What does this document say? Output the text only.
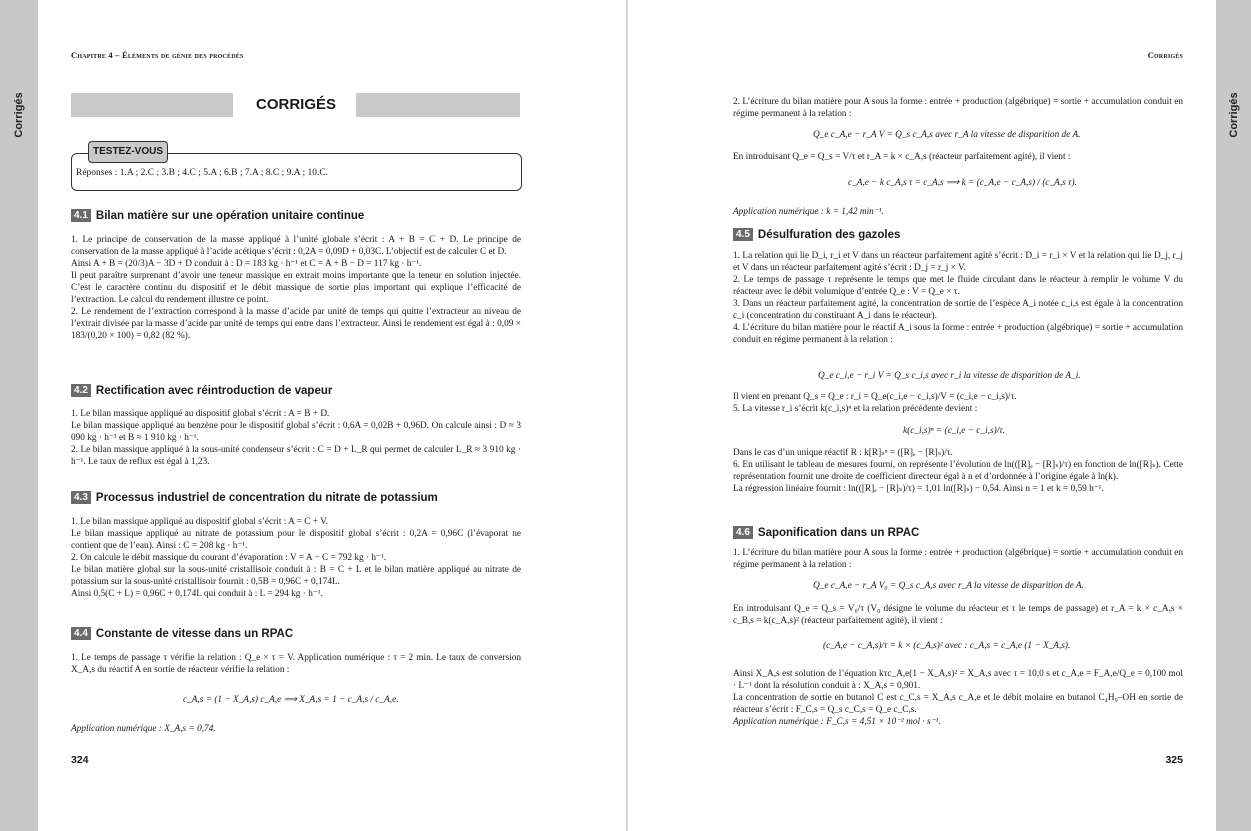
Corrigés	Corrigés
Chapitre 4 – Éléments de génie des procédés
CORRIGÉS
TESTEZ-VOUS
Réponses : 1.A ; 2.C ; 3.B ; 4.C ; 5.A ; 6.B ; 7.A ; 8.C ; 9.A ; 10.C.
4.1 Bilan matière sur une opération unitaire continue

1. Le principe de conservation de la masse appliqué à l’unité globale s’écrit : A + B = C + D. Le principe de conservation de la masse appliqué à l’acide acétique s’écrit : 0,2A = 0,09D + 0,03C. L’objectif est de calculer C et D.

Ainsi A + B = (20/3)A − 3D + D conduit à : D = 183 kg · h⁻¹ et C = A + B − D = 117 kg · h⁻¹.

Il peut paraître surprenant d’avoir une teneur massique en extrait moins importante que la teneur en solution injectée. C’est le caractère continu du dispositif et le débit massique de sortie plus important qui explique l’efficacité de l’extraction. Le calcul du rendement illustre ce point.

2. Le rendement de l’extraction correspond à la masse d’acide par unité de temps qui quitte l’extracteur au niveau de l’extrait divisée par la masse d’acide par unité de temps qui entre dans l’extracteur. Ainsi le rendement est égal à : 0,09 × 183/(0,20 × 100) = 0,82 (82 %).

4.2 Rectification avec réintroduction de vapeur

1. Le bilan massique appliqué au dispositif global s’écrit : A = B + D.

Le bilan massique appliqué au benzène pour le dispositif global s’écrit : 0,6A = 0,02B + 0,96D. On calcule ainsi : D ≈ 3 090 kg · h⁻¹ et B ≈ 1 910 kg · h⁻¹.

2. Le bilan massique appliqué à la sous-unité condenseur s’écrit : C = D + L_R qui permet de calculer L_R ≈ 3 910 kg · h⁻¹. Le taux de reflux est égal à 1,23.

4.3 Processus industriel de concentration du nitrate de potassium

1. Le bilan massique appliqué au dispositif global s’écrit : A = C + V.

Le bilan massique appliqué au nitrate de potassium pour le dispositif global s’écrit : 0,2A = 0,96C (l’évaporat ne contient que de l’eau). Ainsi : C = 208 kg · h⁻¹.

2. On calcule le débit massique du courant d’évaporation : V = A − C = 792 kg · h⁻¹.

Le bilan matière global sur la sous-unité cristallisoir conduit à : B = C + L et le bilan matière appliqué au nitrate de potassium sur la sous-unité cristallisoir fournit : 0,5B = 0,96C + 0,174L.

Ainsi 0,5(C + L) = 0,96C + 0,174L qui conduit à : L = 294 kg · h⁻¹.

4.4 Constante de vitesse dans un RPAC

1. Le temps de passage τ vérifie la relation : Q_e × τ = V. Application numérique : τ = 2 min. Le taux de conversion X_A,s du réactif A en sortie de réacteur vérifie la relation :

c_A,s = (1 − X_A,s) c_A,e ⟹ X_A,s = 1 − c_A,s / c_A,e.
Application numérique : X_A,s = 0,74.
324
Corrigés
2. L’écriture du bilan matière pour A sous la forme : entrée + production (algébrique) = sortie + accumulation conduit en régime permanent à la relation :
Q_e c_A,e − r_A V = Q_s c_A,s avec r_A la vitesse de disparition de A.
En introduisant Q_e = Q_s = V/τ et r_A = k × c_A,s (réacteur parfaitement agité), il vient :
c_A,e − k c_A,s τ = c_A,s ⟹ k = (c_A,e − c_A,s) / (c_A,s τ).
Application numérique : k = 1,42 min⁻¹.
4.5 Désulfuration des gazoles

1. La relation qui lie D_i, r_i et V dans un réacteur parfaitement agité s’écrit : D_i = r_i × V et la relation qui lie D_j, r_j et V dans un réacteur parfaitement agité s’écrit : D_j = r_j × V.

2. Le temps de passage τ représente le temps que met le fluide circulant dans le réacteur à remplir le volume V du réacteur avec le débit volumique d’entrée Q_e : V = Q_e × τ.

3. Dans un réacteur parfaitement agité, la concentration de sortie de l’espèce A_i notée c_i,s est égale à la concentration c_i (concentration du constituant A_i dans le réacteur).

4. L’écriture du bilan matière pour le réactif A_i sous la forme : entrée + production (algébrique) = sortie + accumulation conduit en régime permanent à la relation :

Q_e c_i,e − r_i V = Q_s c_i,s avec r_i la vitesse de disparition de A_i.

Il vient en prenant Q_s = Q_e : r_i = Q_e(c_i,e − c_i,s)/V = (c_i,e − c_i,s)/τ.

5. La vitesse r_i s’écrit k(c_i,s)ⁿ et la relation précédente devient :

k(c_i,s)ⁿ = (c_i,e − c_i,s)/τ.

Dans le cas d’un unique réactif R : k[R]ₛⁿ = ([R]ₑ − [R]ₛ)/τ.

6. En utilisant le tableau de mesures fourni, on représente l’évolution de ln(([R]ₑ − [R]ₛ)/τ) en fonction de ln([R]ₛ). Cette représentation fournit une droite de coefficient directeur égal à n et d’ordonnée à l’origine égale à ln(k).

La régression linéaire fournit : ln(([R]ₑ − [R]ₛ)/τ) = 1,01 ln([R]ₛ) − 0,54. Ainsi n = 1 et k = 0,59 h⁻¹.

4.6 Saponification dans un RPAC

1. L’écriture du bilan matière pour A sous la forme : entrée + production (algébrique) = sortie + accumulation conduit en régime permanent à la relation :

Q_e c_A,e − r_A V₀ = Q_s c_A,s avec r_A la vitesse de disparition de A.

En introduisant Q_e = Q_s = V₀/τ (V₀ désigne le volume du réacteur et τ le temps de passage) et r_A = k × c_A,s × c_B,s = k(c_A,s)² (réacteur parfaitement agité), il vient :

(c_A,e − c_A,s)/τ = k × (c_A,s)² avec : c_A,s = c_A,e (1 − X_A,s).

Ainsi X_A,s est solution de l’équation kτc_A,e(1 − X_A,s)² = X_A,s avec τ = 10,0 s et c_A,e = F_A,e/Q_e = 0,100 mol · L⁻¹ dont la résolution conduit à : X_A,s = 0,901.

La concentration de sortie en butanol C est c_C,s = X_A,s c_A,e et le débit molaire en butanol C₄H₉–OH en sortie de réacteur s’écrit : F_C,s = Q_s c_C,s = Q_e c_C,s.

Application numérique : F_C,s = 4,51 × 10⁻² mol · s⁻¹.

325
